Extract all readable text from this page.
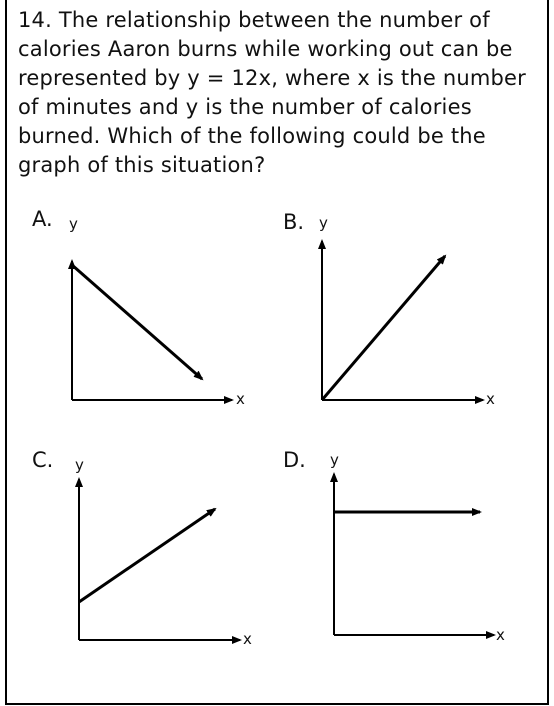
14. The relationship between the number of calories Aaron burns while working out can be represented by y = 12x, where x is the number of minutes and y is the number of calories burned. Which of the following could be the graph of this situation?
A.	B.
C.	D.
y
x
y
x
y
x
y
x
